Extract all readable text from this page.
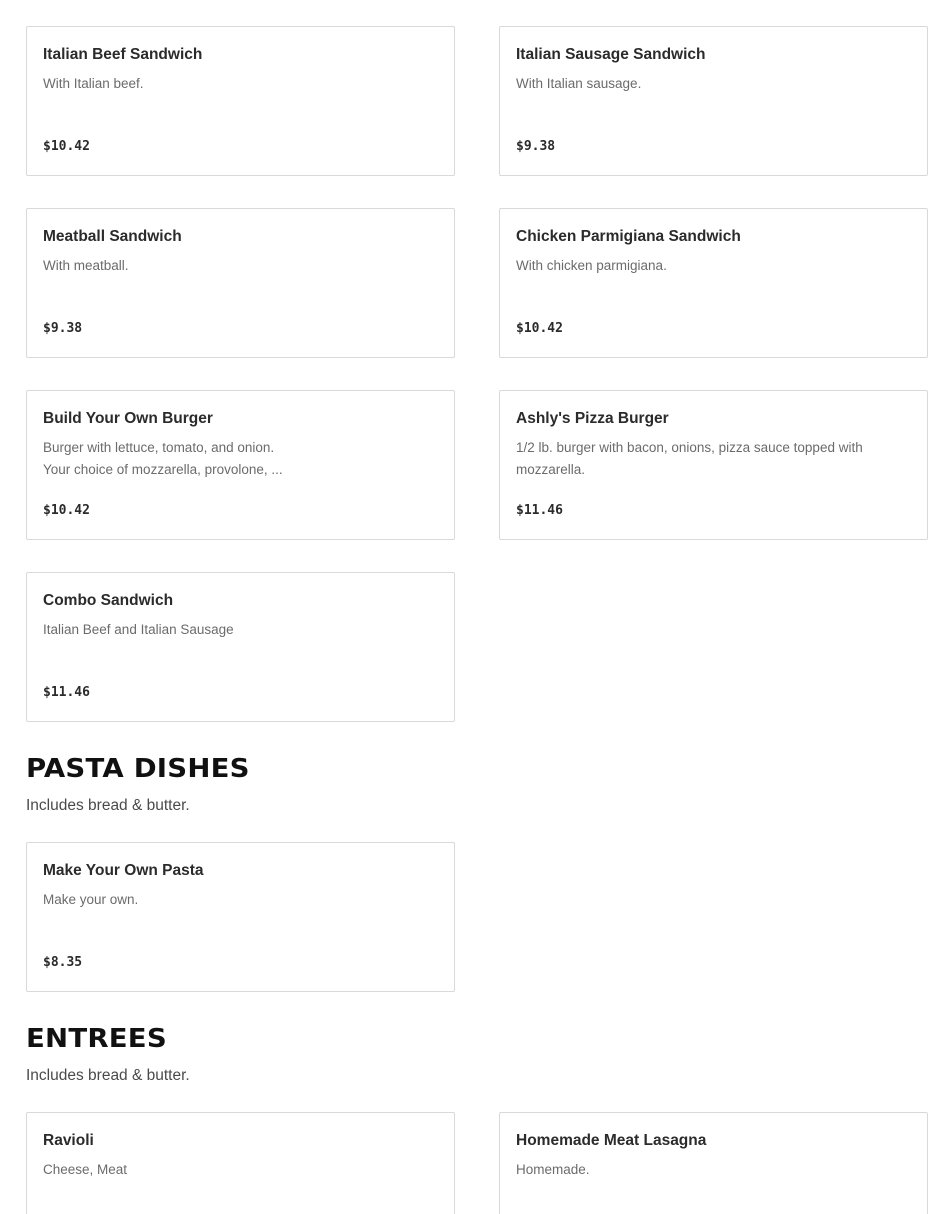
Italian Beef Sandwich
With Italian beef.
$10.42
Italian Sausage Sandwich
With Italian sausage.
$9.38
Meatball Sandwich
With meatball.
$9.38
Chicken Parmigiana Sandwich
With chicken parmigiana.
$10.42
Build Your Own Burger
Burger with lettuce, tomato, and onion. Your choice of mozzarella, provolone, ...
$10.42
Ashly's Pizza Burger
1/2 lb. burger with bacon, onions, pizza sauce topped with mozzarella.
$11.46
Combo Sandwich
Italian Beef and Italian Sausage
$11.46
PASTA DISHES

Includes bread & butter.

Make Your Own Pasta
Make your own.
$8.35
ENTREES

Includes bread & butter.

Ravioli
Cheese, Meat
Homemade Meat Lasagna
Homemade.
